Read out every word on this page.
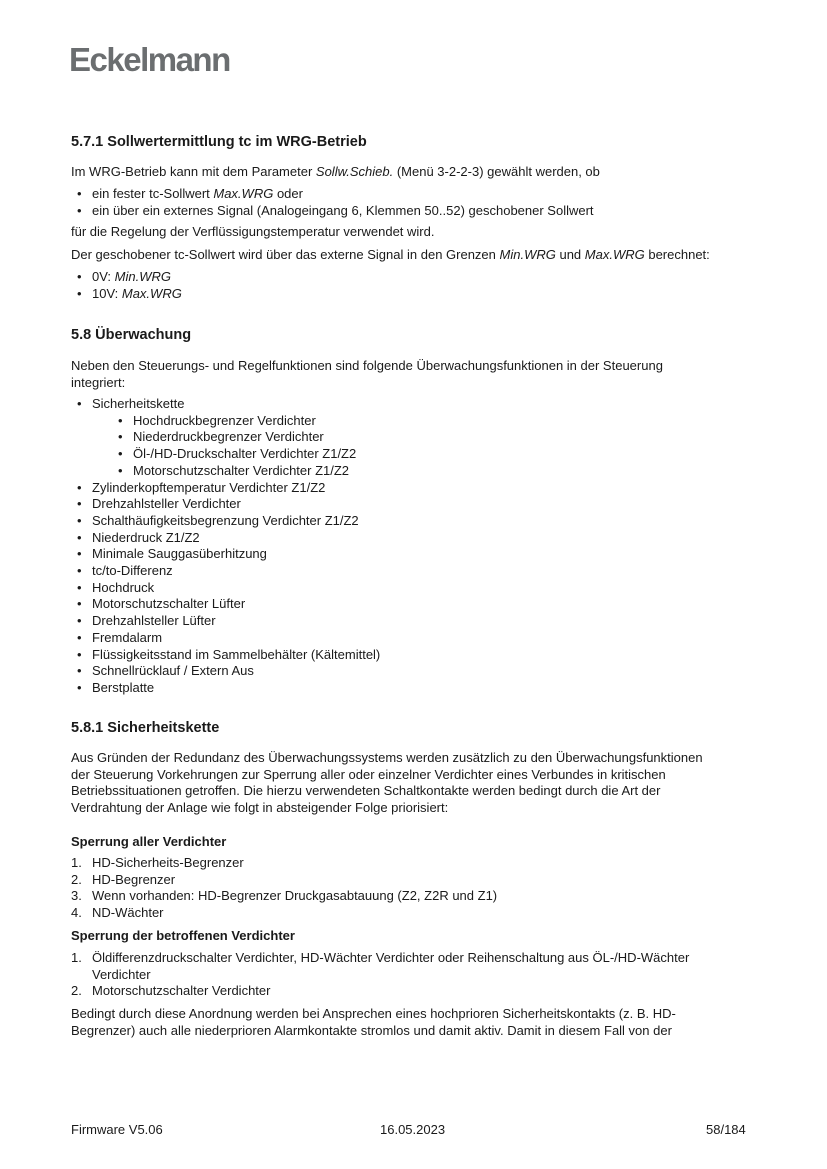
Eckelmann
5.7.1 Sollwertermittlung tc im WRG-Betrieb
Im WRG-Betrieb kann mit dem Parameter Sollw.Schieb. (Menü 3-2-2-3) gewählt werden, ob
• ein fester tc-Sollwert Max.WRG oder
• ein über ein externes Signal (Analogeingang 6, Klemmen 50..52) geschobener Sollwert
für die Regelung der Verflüssigungstemperatur verwendet wird.
Der geschobener tc-Sollwert wird über das externe Signal in den Grenzen Min.WRG und Max.WRG berechnet:
• 0V: Min.WRG
• 10V: Max.WRG
5.8 Überwachung
Neben den Steuerungs- und Regelfunktionen sind folgende Überwachungsfunktionen in der Steuerung
integriert:
• Sicherheitskette
• Hochdruckbegrenzer Verdichter
• Niederdruckbegrenzer Verdichter
• Öl-/HD-Druckschalter Verdichter Z1/Z2
• Motorschutzschalter Verdichter Z1/Z2
• Zylinderkopftemperatur Verdichter Z1/Z2
• Drehzahlsteller Verdichter
• Schalthäufigkeitsbegrenzung Verdichter Z1/Z2
• Niederdruck Z1/Z2
• Minimale Sauggasüberhitzung
• tc/to-Differenz
• Hochdruck
• Motorschutzschalter Lüfter
• Drehzahlsteller Lüfter
• Fremdalarm
• Flüssigkeitsstand im Sammelbehälter (Kältemittel)
• Schnellrücklauf / Extern Aus
• Berstplatte
5.8.1 Sicherheitskette
Aus Gründen der Redundanz des Überwachungssystems werden zusätzlich zu den Überwachungsfunktionen
der Steuerung Vorkehrungen zur Sperrung aller oder einzelner Verdichter eines Verbundes in kritischen
Betriebssituationen getroffen. Die hierzu verwendeten Schaltkontakte werden bedingt durch die Art der
Verdrahtung der Anlage wie folgt in absteigender Folge priorisiert:
Sperrung aller Verdichter
1. HD-Sicherheits-Begrenzer
2. HD-Begrenzer
3. Wenn vorhanden: HD-Begrenzer Druckgasabtauung (Z2, Z2R und Z1)
4. ND-Wächter
Sperrung der betroffenen Verdichter
1. Öldifferenzdruckschalter Verdichter, HD-Wächter Verdichter oder Reihenschaltung aus ÖL-/HD-Wächter
Verdichter
2. Motorschutzschalter Verdichter
Bedingt durch diese Anordnung werden bei Ansprechen eines hochprioren Sicherheitskontakts (z. B. HD-
Begrenzer) auch alle niederprioren Alarmkontakte stromlos und damit aktiv. Damit in diesem Fall von der
Firmware V5.06	16.05.2023	58/184
